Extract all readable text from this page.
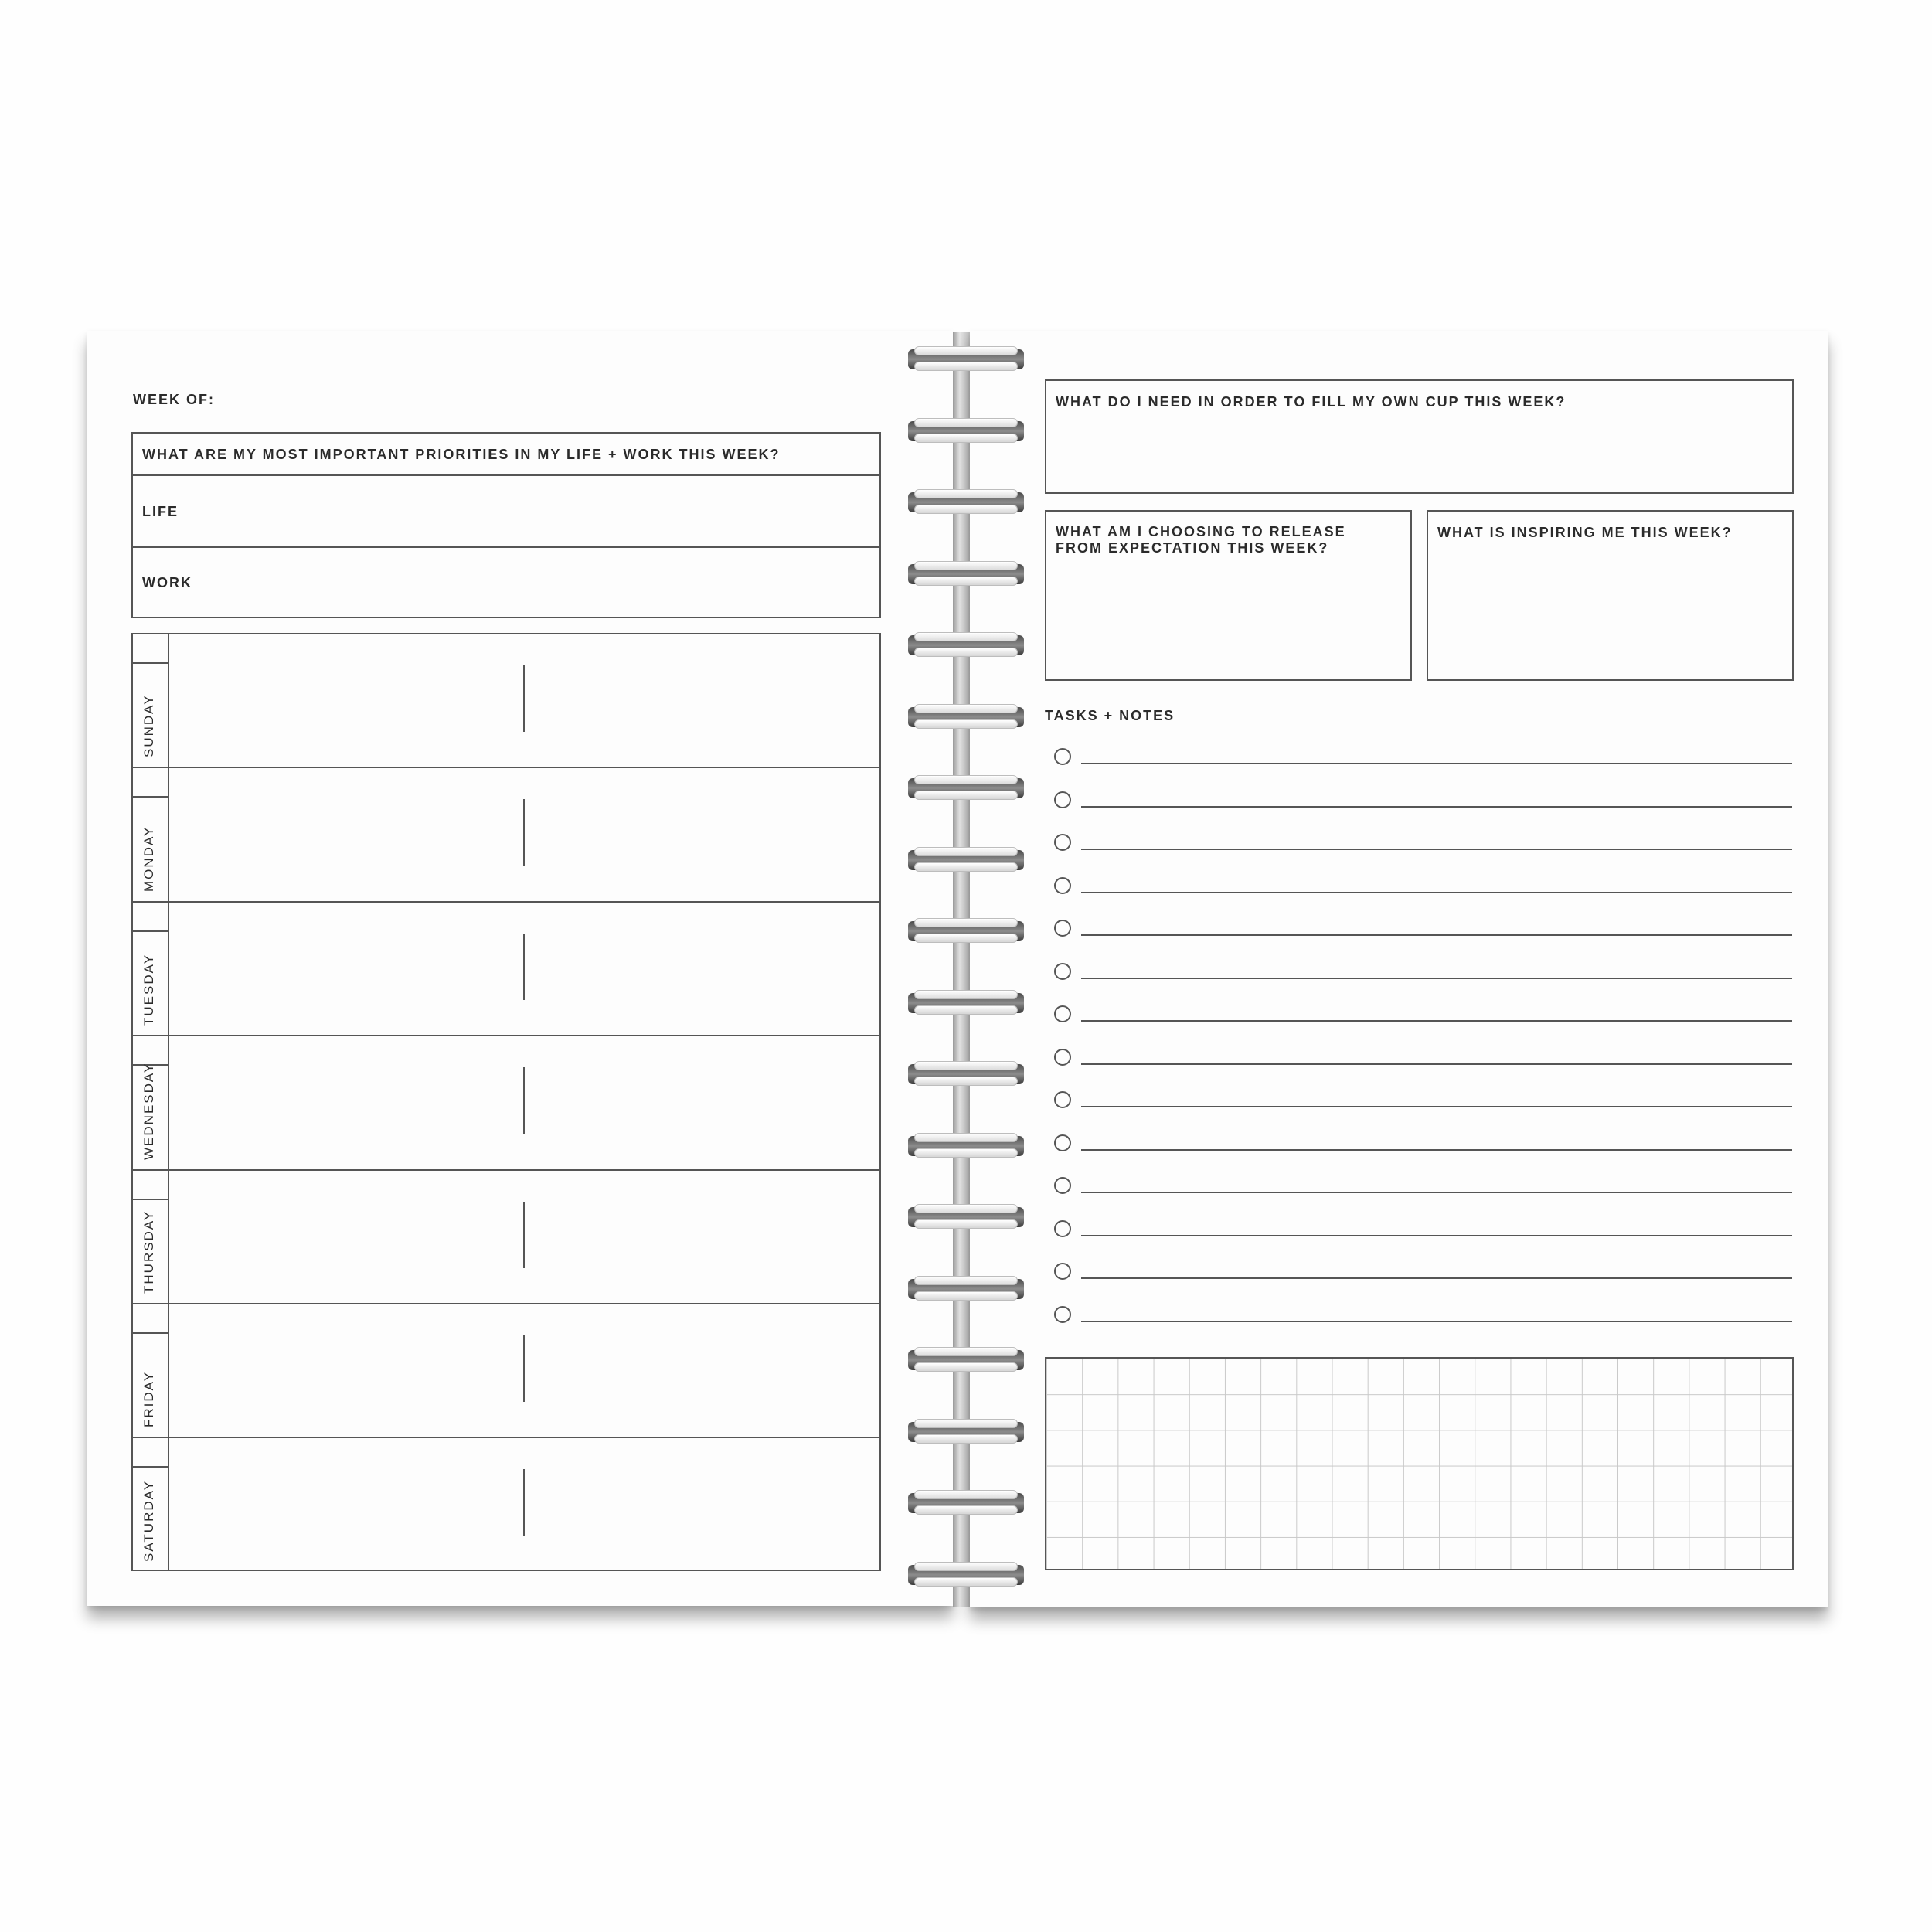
WEEK OF:
WHAT ARE MY MOST IMPORTANT PRIORITIES IN MY LIFE + WORK THIS WEEK?
LIFE
WORK
SUNDAY
MONDAY
TUESDAY
WEDNESDAY
THURSDAY
FRIDAY
SATURDAY
WHAT DO I NEED IN ORDER TO FILL MY OWN CUP THIS WEEK?
WHAT AM I CHOOSING TO RELEASE
FROM EXPECTATION THIS WEEK?
WHAT IS INSPIRING ME THIS WEEK?
TASKS + NOTES
